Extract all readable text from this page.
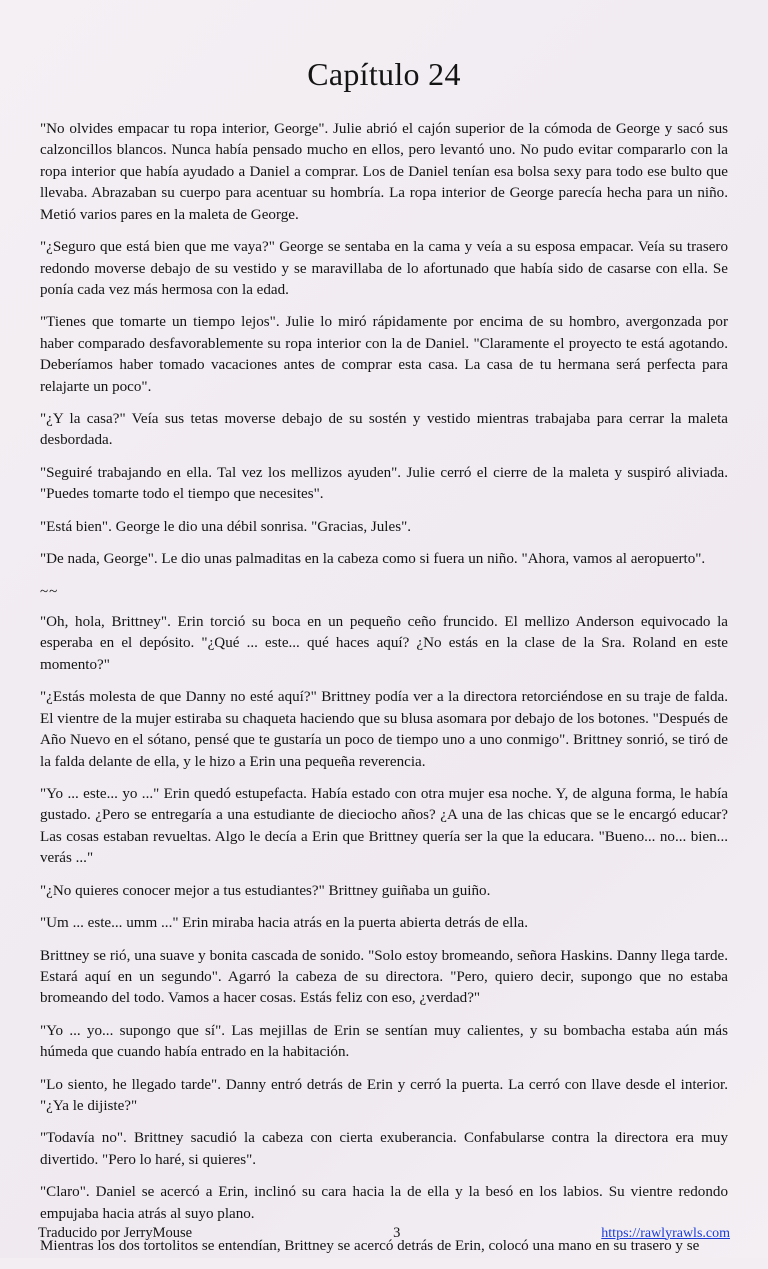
Capítulo 24

"No olvides empacar tu ropa interior, George". Julie abrió el cajón superior de la cómoda de George y sacó sus calzoncillos blancos. Nunca había pensado mucho en ellos, pero levantó uno. No pudo evitar compararlo con la ropa interior que había ayudado a Daniel a comprar. Los de Daniel tenían esa bolsa sexy para todo ese bulto que llevaba. Abrazaban su cuerpo para acentuar su hombría. La ropa interior de George parecía hecha para un niño. Metió varios pares en la maleta de George.

"¿Seguro que está bien que me vaya?" George se sentaba en la cama y veía a su esposa empacar. Veía su trasero redondo moverse debajo de su vestido y se maravillaba de lo afortunado que había sido de casarse con ella. Se ponía cada vez más hermosa con la edad.

"Tienes que tomarte un tiempo lejos". Julie lo miró rápidamente por encima de su hombro, avergonzada por haber comparado desfavorablemente su ropa interior con la de Daniel. "Claramente el proyecto te está agotando. Deberíamos haber tomado vacaciones antes de comprar esta casa. La casa de tu hermana será perfecta para relajarte un poco".

"¿Y la casa?" Veía sus tetas moverse debajo de su sostén y vestido mientras trabajaba para cerrar la maleta desbordada.

"Seguiré trabajando en ella. Tal vez los mellizos ayuden". Julie cerró el cierre de la maleta y suspiró aliviada. "Puedes tomarte todo el tiempo que necesites".

"Está bien". George le dio una débil sonrisa. "Gracias, Jules".

"De nada, George". Le dio unas palmaditas en la cabeza como si fuera un niño. "Ahora, vamos al aeropuerto".

~~

"Oh, hola, Brittney". Erin torció su boca en un pequeño ceño fruncido. El mellizo Anderson equivocado la esperaba en el depósito. "¿Qué ... este... qué haces aquí? ¿No estás en la clase de la Sra. Roland en este momento?"

"¿Estás molesta de que Danny no esté aquí?" Brittney podía ver a la directora retorciéndose en su traje de falda. El vientre de la mujer estiraba su chaqueta haciendo que su blusa asomara por debajo de los botones. "Después de Año Nuevo en el sótano, pensé que te gustaría un poco de tiempo uno a uno conmigo". Brittney sonrió, se tiró de la falda delante de ella, y le hizo a Erin una pequeña reverencia.

"Yo ... este... yo ..." Erin quedó estupefacta. Había estado con otra mujer esa noche. Y, de alguna forma, le había gustado. ¿Pero se entregaría a una estudiante de dieciocho años? ¿A una de las chicas que se le encargó educar? Las cosas estaban revueltas. Algo le decía a Erin que Brittney quería ser la que la educara. "Bueno... no... bien... verás ..."

"¿No quieres conocer mejor a tus estudiantes?" Brittney guiñaba un guiño.

"Um ... este... umm ..." Erin miraba hacia atrás en la puerta abierta detrás de ella.

Brittney se rió, una suave y bonita cascada de sonido. "Solo estoy bromeando, señora Haskins. Danny llega tarde. Estará aquí en un segundo". Agarró la cabeza de su directora. "Pero, quiero decir, supongo que no estaba bromeando del todo. Vamos a hacer cosas. Estás feliz con eso, ¿verdad?"

"Yo ... yo... supongo que sí". Las mejillas de Erin se sentían muy calientes, y su bombacha estaba aún más húmeda que cuando había entrado en la habitación.

"Lo siento, he llegado tarde". Danny entró detrás de Erin y cerró la puerta. La cerró con llave desde el interior. "¿Ya le dijiste?"

"Todavía no". Brittney sacudió la cabeza con cierta exuberancia. Confabularse contra la directora era muy divertido. "Pero lo haré, si quieres".

"Claro". Daniel se acercó a Erin, inclinó su cara hacia la de ella y la besó en los labios. Su vientre redondo empujaba hacia atrás al suyo plano.

Mientras los dos tortolitos se entendían, Brittney se acercó detrás de Erin, colocó una mano en su trasero y se

Traducido por JerryMouse	3	https://rawlyrawls.com
